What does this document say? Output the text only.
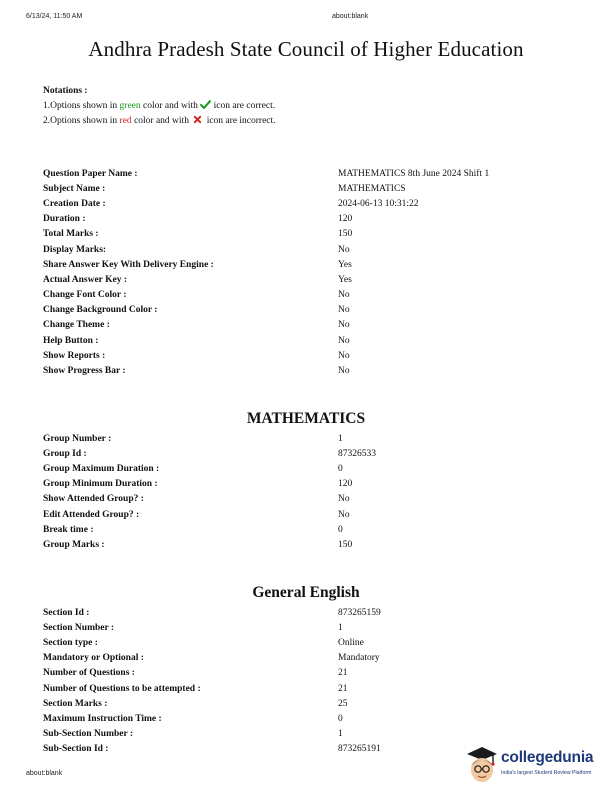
6/13/24, 11:50 AM	about:blank
Andhra Pradesh State Council of Higher Education
Notations :
1.Options shown in green color and with  icon are correct.
2.Options shown in red color and with  icon are incorrect.
Question Paper Name :	MATHEMATICS 8th June 2024 Shift 1
Subject Name :	MATHEMATICS
Creation Date :	2024-06-13 10:31:22
Duration :	120
Total Marks :	150
Display Marks:	No
Share Answer Key With Delivery Engine :	Yes
Actual Answer Key :	Yes
Change Font Color :	No
Change Background Color :	No
Change Theme :	No
Help Button :	No
Show Reports :	No
Show Progress Bar :	No
MATHEMATICS
Group Number :	1
Group Id :	87326533
Group Maximum Duration :	0
Group Minimum Duration :	120
Show Attended Group? :	No
Edit Attended Group? :	No
Break time :	0
Group Marks :	150
General English
Section Id :	873265159
Section Number :	1
Section type :	Online
Mandatory or Optional :	Mandatory
Number of Questions :	21
Number of Questions to be attempted :	21
Section Marks :	25
Maximum Instruction Time :	0
Sub-Section Number :	1
Sub-Section Id :	873265191
about:blank
collegedunia
India's largest Student Review Platform
